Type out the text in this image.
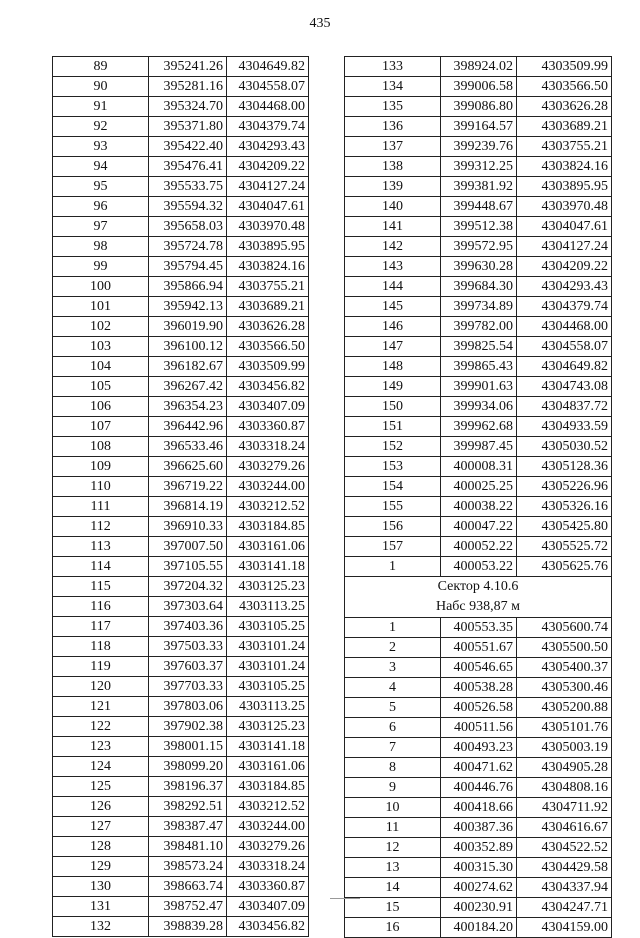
435
89	395241.26	4304649.82
90	395281.16	4304558.07
91	395324.70	4304468.00
92	395371.80	4304379.74
93	395422.40	4304293.43
94	395476.41	4304209.22
95	395533.75	4304127.24
96	395594.32	4304047.61
97	395658.03	4303970.48
98	395724.78	4303895.95
99	395794.45	4303824.16
100	395866.94	4303755.21
101	395942.13	4303689.21
102	396019.90	4303626.28
103	396100.12	4303566.50
104	396182.67	4303509.99
105	396267.42	4303456.82
106	396354.23	4303407.09
107	396442.96	4303360.87
108	396533.46	4303318.24
109	396625.60	4303279.26
110	396719.22	4303244.00
111	396814.19	4303212.52
112	396910.33	4303184.85
113	397007.50	4303161.06
114	397105.55	4303141.18
115	397204.32	4303125.23
116	397303.64	4303113.25
117	397403.36	4303105.25
118	397503.33	4303101.24
119	397603.37	4303101.24
120	397703.33	4303105.25
121	397803.06	4303113.25
122	397902.38	4303125.23
123	398001.15	4303141.18
124	398099.20	4303161.06
125	398196.37	4303184.85
126	398292.51	4303212.52
127	398387.47	4303244.00
128	398481.10	4303279.26
129	398573.24	4303318.24
130	398663.74	4303360.87
131	398752.47	4303407.09
132	398839.28	4303456.82
133	398924.02	4303509.99
134	399006.58	4303566.50
135	399086.80	4303626.28
136	399164.57	4303689.21
137	399239.76	4303755.21
138	399312.25	4303824.16
139	399381.92	4303895.95
140	399448.67	4303970.48
141	399512.38	4304047.61
142	399572.95	4304127.24
143	399630.28	4304209.22
144	399684.30	4304293.43
145	399734.89	4304379.74
146	399782.00	4304468.00
147	399825.54	4304558.07
148	399865.43	4304649.82
149	399901.63	4304743.08
150	399934.06	4304837.72
151	399962.68	4304933.59
152	399987.45	4305030.52
153	400008.31	4305128.36
154	400025.25	4305226.96
155	400038.22	4305326.16
156	400047.22	4305425.80
157	400052.22	4305525.72
1	400053.22	4305625.76

Сектор 4.10.6
Набс 938,87 м		

1	400553.35	4305600.74
2	400551.67	4305500.50
3	400546.65	4305400.37
4	400538.28	4305300.46
5	400526.58	4305200.88
6	400511.56	4305101.76
7	400493.23	4305003.19
8	400471.62	4304905.28
9	400446.76	4304808.16
10	400418.66	4304711.92
11	400387.36	4304616.67
12	400352.89	4304522.52
13	400315.30	4304429.58
14	400274.62	4304337.94
15	400230.91	4304247.71
16	400184.20	4304159.00
